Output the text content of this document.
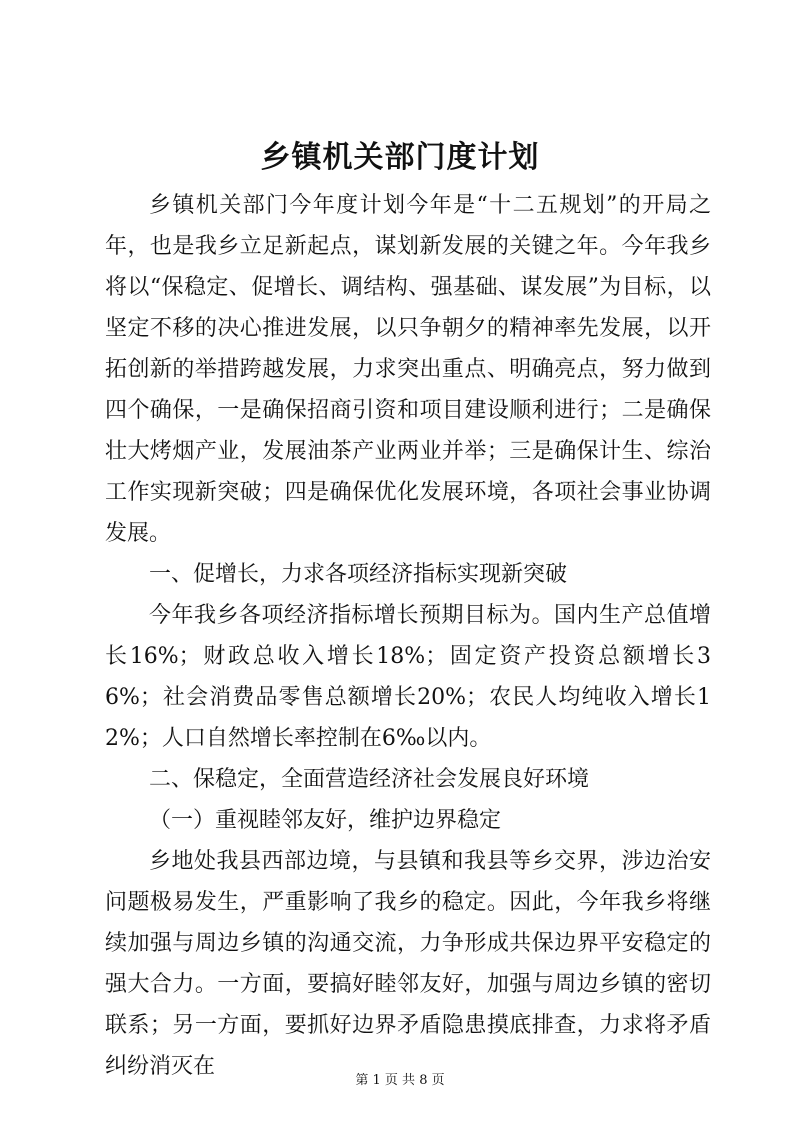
乡镇机关部门度计划

乡镇机关部门今年度计划今年是“十二五规划”的开局之年，也是我乡立足新起点，谋划新发展的关键之年。今年我乡将以“保稳定、促增长、调结构、强基础、谋发展”为目标，以坚定不移的决心推进发展，以只争朝夕的精神率先发展，以开拓创新的举措跨越发展，力求突出重点、明确亮点，努力做到四个确保，一是确保招商引资和项目建设顺利进行；二是确保壮大烤烟产业，发展油茶产业两业并举；三是确保计生、综治工作实现新突破；四是确保优化发展环境，各项社会事业协调发展。

一、促增长，力求各项经济指标实现新突破

今年我乡各项经济指标增长预期目标为。国内生产总值增长16%；财政总收入增长18%；固定资产投资总额增长36%；社会消费品零售总额增长20%；农民人均纯收入增长12%；人口自然增长率控制在6‰以内。

二、保稳定，全面营造经济社会发展良好环境

（一）重视睦邻友好，维护边界稳定

乡地处我县西部边境，与县镇和我县等乡交界，涉边治安问题极易发生，严重影响了我乡的稳定。因此，今年我乡将继续加强与周边乡镇的沟通交流，力争形成共保边界平安稳定的强大合力。一方面，要搞好睦邻友好，加强与周边乡镇的密切联系；另一方面，要抓好边界矛盾隐患摸底排查，力求将矛盾纠纷消灭在

第 1 页 共 8 页
